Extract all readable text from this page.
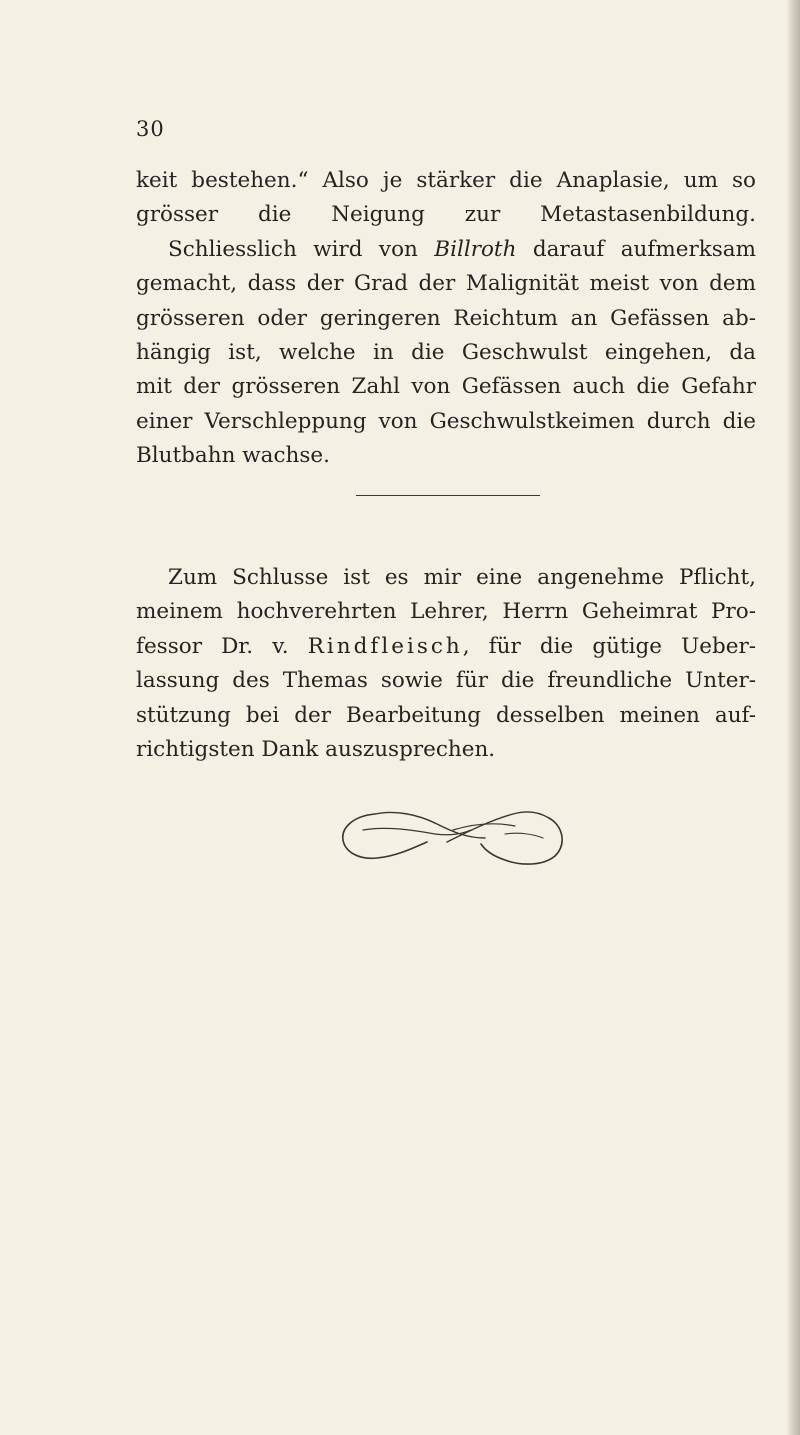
30
keit bestehen.“ Also je stärker die Anaplasie, um so
grösser die Neigung zur Metastasenbildung.
Schliesslich wird von Billroth darauf aufmerksam
gemacht, dass der Grad der Malignität meist von dem
grösseren oder geringeren Reichtum an Gefässen ab-
hängig ist, welche in die Geschwulst eingehen, da
mit der grösseren Zahl von Gefässen auch die Gefahr
einer Verschleppung von Geschwulstkeimen durch die
Blutbahn wachse.
Zum Schlusse ist es mir eine angenehme Pflicht,
meinem hochverehrten Lehrer, Herrn Geheimrat Pro-
fessor Dr. v. Rindfleisch, für die gütige Ueber-
lassung des Themas sowie für die freundliche Unter-
stützung bei der Bearbeitung desselben meinen auf-
richtigsten Dank auszusprechen.
